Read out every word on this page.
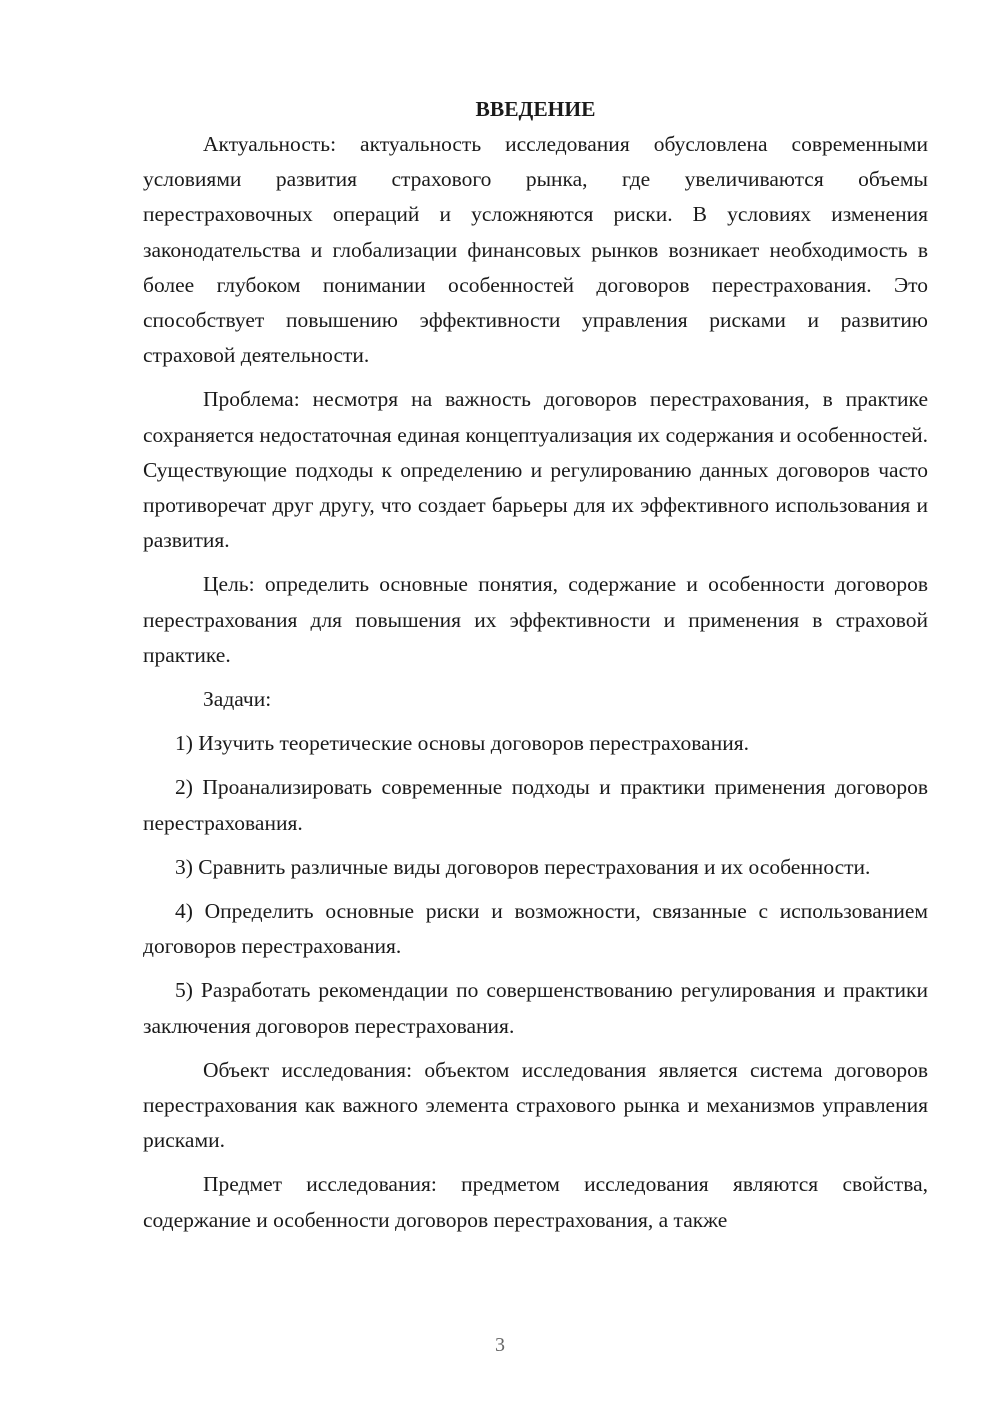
ВВЕДЕНИЕ

Актуальность: актуальность исследования обусловлена современными условиями развития страхового рынка, где увеличиваются объемы перестраховочных операций и усложняются риски. В условиях изменения законодательства и глобализации финансовых рынков возникает необходимость в более глубоком понимании особенностей договоров перестрахования. Это способствует повышению эффективности управления рисками и развитию страховой деятельности.

Проблема: несмотря на важность договоров перестрахования, в практике сохраняется недостаточная единая концептуализация их содержания и особенностей. Существующие подходы к определению и регулированию данных договоров часто противоречат друг другу, что создает барьеры для их эффективного использования и развития.

Цель: определить основные понятия, содержание и особенности договоров перестрахования для повышения их эффективности и применения в страховой практике.

Задачи:

1) Изучить теоретические основы договоров перестрахования.

2) Проанализировать современные подходы и практики применения договоров перестрахования.

3) Сравнить различные виды договоров перестрахования и их особенности.

4) Определить основные риски и возможности, связанные с использованием договоров перестрахования.

5) Разработать рекомендации по совершенствованию регулирования и практики заключения договоров перестрахования.

Объект исследования: объектом исследования является система договоров перестрахования как важного элемента страхового рынка и механизмов управления рисками.

Предмет исследования: предметом исследования являются свойства, содержание и особенности договоров перестрахования, а также

3
